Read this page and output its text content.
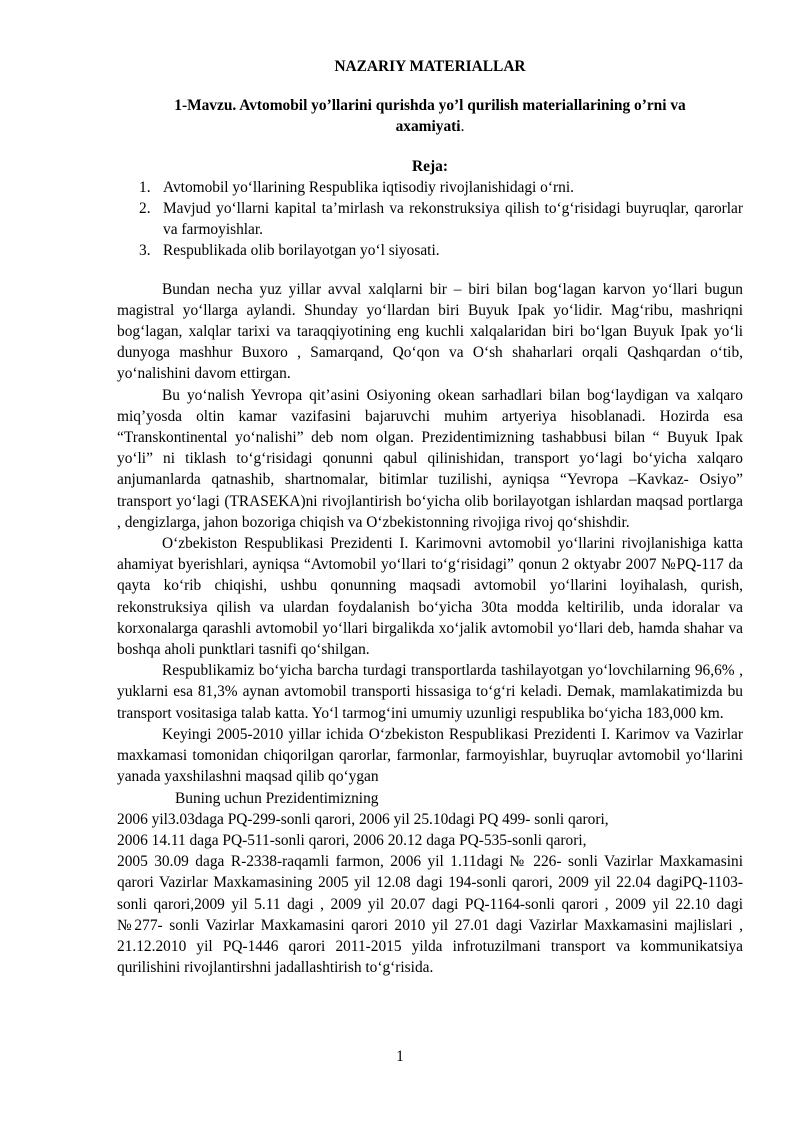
NAZARIY MATERIALLAR
1-Mavzu. Avtomobil yo’llarini qurishda yo’l qurilish materiallarining o’rni va axamiyati.
Reja:
1. Avtomobil yo‘llarining Respublika iqtisodiy rivojlanishidagi o‘rni.
2. Mavjud yo‘llarni kapital ta’mirlash va rekonstruksiya qilish to‘g‘risidagi buyruqlar, qarorlar va farmoyishlar.
3. Respublikada olib borilayotgan yo‘l siyosati.

Bundan necha yuz yillar avval xalqlarni bir – biri bilan bog‘lagan karvon yo‘llari bugun magistral yo‘llarga aylandi. Shunday yo‘llardan biri Buyuk Ipak yo‘lidir. Mag‘ribu, mashriqni bog‘lagan, xalqlar tarixi va taraqqiyotining eng kuchli xalqalaridan biri bo‘lgan Buyuk Ipak yo‘li dunyoga mashhur Buxoro , Samarqand, Qo‘qon va O‘sh shaharlari orqali Qashqardan o‘tib, yo‘nalishini davom ettirgan.

Bu yo‘nalish Yevropa qit’asini Osiyoning okean sarhadlari bilan bog‘laydigan va xalqaro miq’yosda oltin kamar vazifasini bajaruvchi muhim artyeriya hisoblanadi. Hozirda esa “Transkontinental yo‘nalishi” deb nom olgan. Prezidentimizning tashabbusi bilan “ Buyuk Ipak yo‘li” ni tiklash to‘g‘risidagi qonunni qabul qilinishidan, transport yo‘lagi bo‘yicha xalqaro anjumanlarda qatnashib, shartnomalar, bitimlar tuzilishi, ayniqsa “Yevropa –Kavkaz- Osiyo” transport yo‘lagi (TRASEKA)ni rivojlantirish bo‘yicha olib borilayotgan ishlardan maqsad portlarga , dengizlarga, jahon bozoriga chiqish va O‘zbekistonning rivojiga rivoj qo‘shishdir.

O‘zbekiston Respublikasi Prezidenti I. Karimovni avtomobil yo‘llarini rivojlanishiga katta ahamiyat byerishlari, ayniqsa “Avtomobil yo‘llari to‘g‘risidagi” qonun 2 oktyabr 2007 №PQ-117 da qayta ko‘rib chiqishi, ushbu qonunning maqsadi avtomobil yo‘llarini loyihalash, qurish, rekonstruksiya qilish va ulardan foydalanish bo‘yicha 30ta modda keltirilib, unda idoralar va korxonalarga qarashli avtomobil yo‘llari birgalikda xo‘jalik avtomobil yo‘llari deb, hamda shahar va boshqa aholi punktlari tasnifi qo‘shilgan.

Respublikamiz bo‘yicha barcha turdagi transportlarda tashilayotgan yo‘lovchilarning 96,6% , yuklarni esa 81,3% aynan avtomobil transporti hissasiga to‘g‘ri keladi. Demak, mamlakatimizda bu transport vositasiga talab katta. Yo‘l tarmog‘ini umumiy uzunligi respublika bo‘yicha 183,000 km.

Keyingi 2005-2010 yillar ichida O‘zbekiston Respublikasi Prezidenti I. Karimov va Vazirlar maxkamasi tomonidan chiqorilgan qarorlar, farmonlar, farmoyishlar, buyruqlar avtomobil yo‘llarini yanada yaxshilashni maqsad qilib qo‘ygan

Buning uchun Prezidentimizning

2006 yil3.03daga PQ-299-sonli qarori, 2006 yil 25.10dagi PQ 499- sonli qarori,

2006 14.11 daga PQ-511-sonli qarori, 2006 20.12 daga PQ-535-sonli qarori,

2005 30.09 daga R-2338-raqamli farmon, 2006 yil 1.11dagi № 226- sonli Vazirlar Maxkamasini qarori Vazirlar Maxkamasining 2005 yil 12.08 dagi 194-sonli qarori, 2009 yil 22.04 dagiPQ-1103- sonli qarori,2009 yil 5.11 dagi , 2009 yil 20.07 dagi PQ-1164-sonli qarori , 2009 yil 22.10 dagi №277- sonli Vazirlar Maxkamasini qarori 2010 yil 27.01 dagi Vazirlar Maxkamasini majlislari , 21.12.2010 yil PQ-1446 qarori 2011-2015 yilda infrotuzilmani transport va kommunikatsiya qurilishini rivojlantirshni jadallashtirish to‘g‘risida.

1
